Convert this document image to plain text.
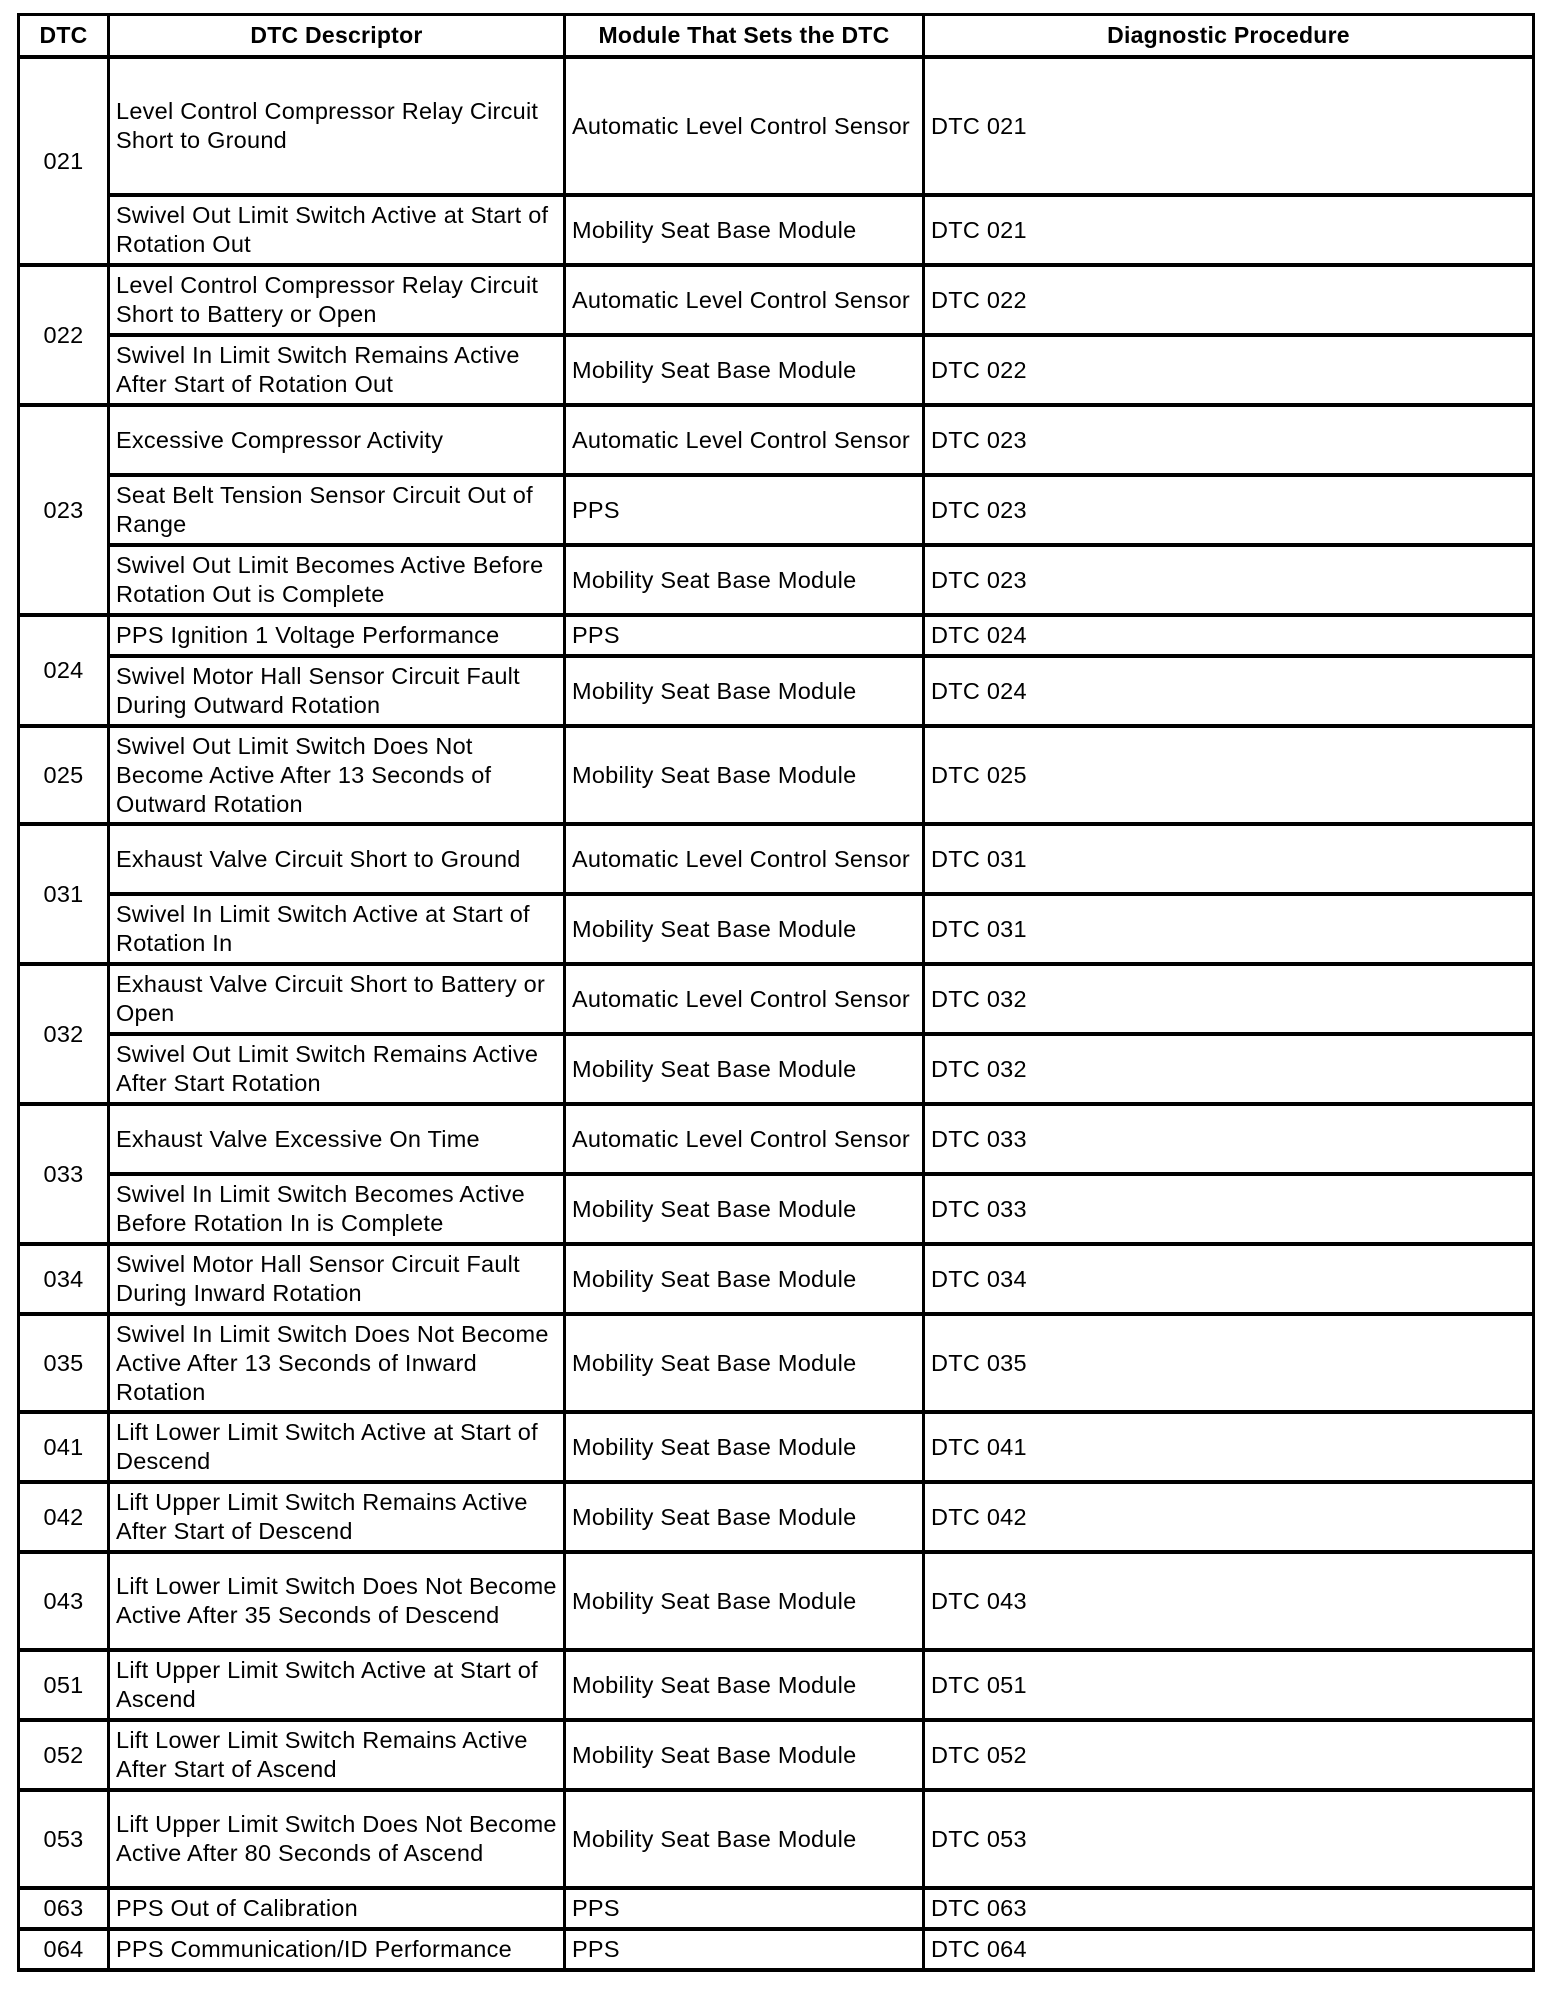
DTC	DTC Descriptor	Module That Sets the DTC	Diagnostic Procedure
021	Level Control Compressor Relay Circuit Short to Ground	Automatic Level Control Sensor	DTC 021
	Swivel Out Limit Switch Active at Start of Rotation Out	Mobility Seat Base Module	DTC 021
022	Level Control Compressor Relay Circuit Short to Battery or Open	Automatic Level Control Sensor	DTC 022
	Swivel In Limit Switch Remains Active After Start of Rotation Out	Mobility Seat Base Module	DTC 022
023	Excessive Compressor Activity	Automatic Level Control Sensor	DTC 023
	Seat Belt Tension Sensor Circuit Out of Range	PPS	DTC 023
	Swivel Out Limit Becomes Active Before Rotation Out is Complete	Mobility Seat Base Module	DTC 023
024	PPS Ignition 1 Voltage Performance	PPS	DTC 024
	Swivel Motor Hall Sensor Circuit Fault During Outward Rotation	Mobility Seat Base Module	DTC 024
025	Swivel Out Limit Switch Does Not Become Active After 13 Seconds of Outward Rotation	Mobility Seat Base Module	DTC 025
031	Exhaust Valve Circuit Short to Ground	Automatic Level Control Sensor	DTC 031
	Swivel In Limit Switch Active at Start of Rotation In	Mobility Seat Base Module	DTC 031
032	Exhaust Valve Circuit Short to Battery or Open	Automatic Level Control Sensor	DTC 032
	Swivel Out Limit Switch Remains Active After Start Rotation	Mobility Seat Base Module	DTC 032
033	Exhaust Valve Excessive On Time	Automatic Level Control Sensor	DTC 033
	Swivel In Limit Switch Becomes Active Before Rotation In is Complete	Mobility Seat Base Module	DTC 033
034	Swivel Motor Hall Sensor Circuit Fault During Inward Rotation	Mobility Seat Base Module	DTC 034
035	Swivel In Limit Switch Does Not Become Active After 13 Seconds of Inward Rotation	Mobility Seat Base Module	DTC 035
041	Lift Lower Limit Switch Active at Start of Descend	Mobility Seat Base Module	DTC 041
042	Lift Upper Limit Switch Remains Active After Start of Descend	Mobility Seat Base Module	DTC 042
043	Lift Lower Limit Switch Does Not Become Active After 35 Seconds of Descend	Mobility Seat Base Module	DTC 043
051	Lift Upper Limit Switch Active at Start of Ascend	Mobility Seat Base Module	DTC 051
052	Lift Lower Limit Switch Remains Active After Start of Ascend	Mobility Seat Base Module	DTC 052
053	Lift Upper Limit Switch Does Not Become Active After 80 Seconds of Ascend	Mobility Seat Base Module	DTC 053
063	PPS Out of Calibration	PPS	DTC 063
064	PPS Communication/ID Performance	PPS	DTC 064
